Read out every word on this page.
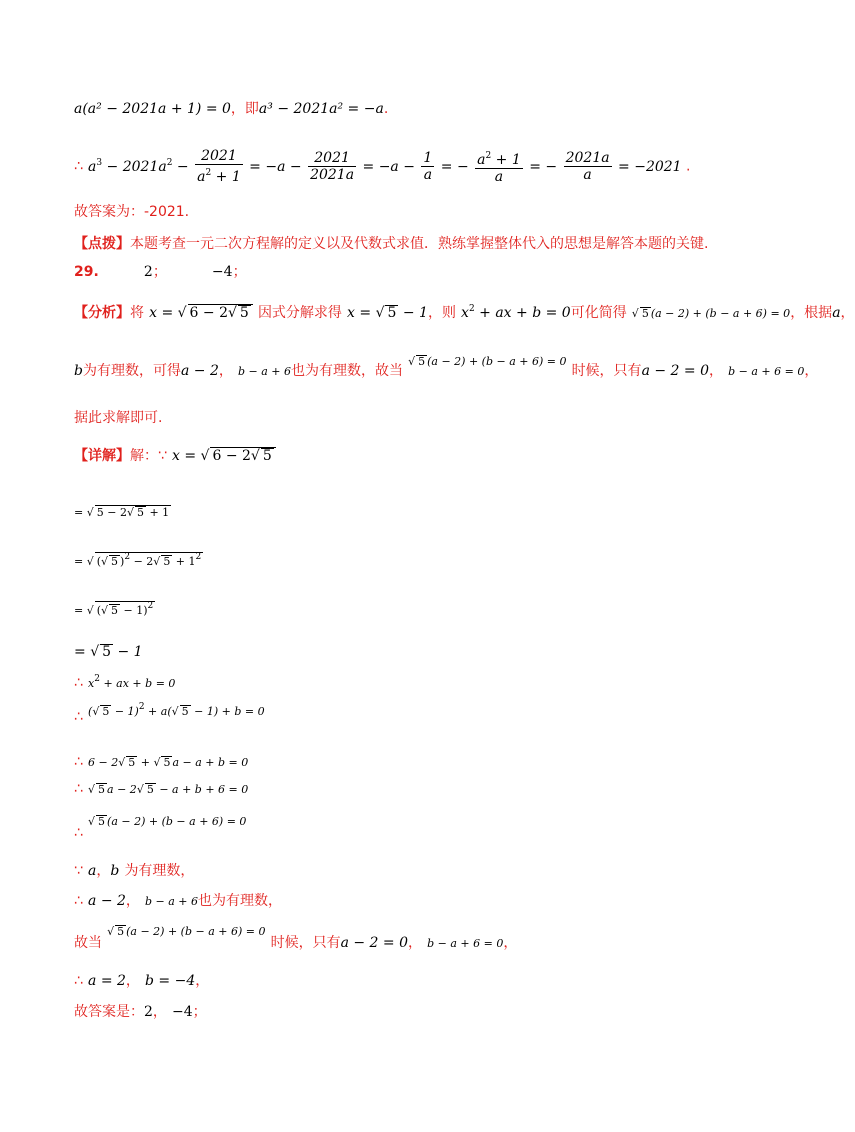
a(a² − 2021a + 1) = 0，即a³ − 2021a² = −a.
∴ $a^3 - 2021a^2 - \frac{2021}{a^2 + 1} = -a - \frac{2021}{2021a} = -a - \frac{1}{a}$ = − $\frac{a^2 + 1}{a}$ = − $\frac{2021a}{a} = -2021$ .
故答案为：-2021.
【点拨】本题考查一元二次方程解的定义以及代数式求值．熟练掌握整体代入的思想是解答本题的关键.
29.	2；	−4；
【分析】将 x = √ 6 − 2√ 5 因式分解求得 x = √ 5 − 1，则 $x^2$ + ax + b = 0可化简得 √ 5 (a − 2) + (b − a + 6) = 0，根据a，
b为有理数，可得a − 2， b − a + 6也为有理数，故当 $^{√ 5 (a - 2) + (b - a + 6) = 0}$ 时候，只有a − 2 = 0， b − a + 6 = 0，
据此求解即可.
【详解】解：∵ x = √ 6 − 2√ 5
= √ 5 − 2√ 5 + 1
= √ (√ 5 )$^2$ − 2√ $5 + 1^2$
= √ (√ 5 − 1)$^2$
= √ 5 − 1
∴ $x^2$ + ax + b = 0
∴ $^{(√ 5 - 1)^2 + a(√ 5 - 1) + b = 0}$
∴ 6 − 2√ 5 + √ 5 a − a + b = 0
∴ √ 5 a − 2√ 5 − a + b + 6 = 0
∴ √ 5 (a − 2) + (b − a + 6) = 0
∵ a，b 为有理数，
∴ a − 2， b − a + 6也为有理数，
故当 $^{√ 5 (a - 2) + (b - a + 6) = 0}$ 时候，只有a − 2 = 0， b − a + 6 = 0，
∴ a = 2， b = −4，
故答案是：2， −4；
